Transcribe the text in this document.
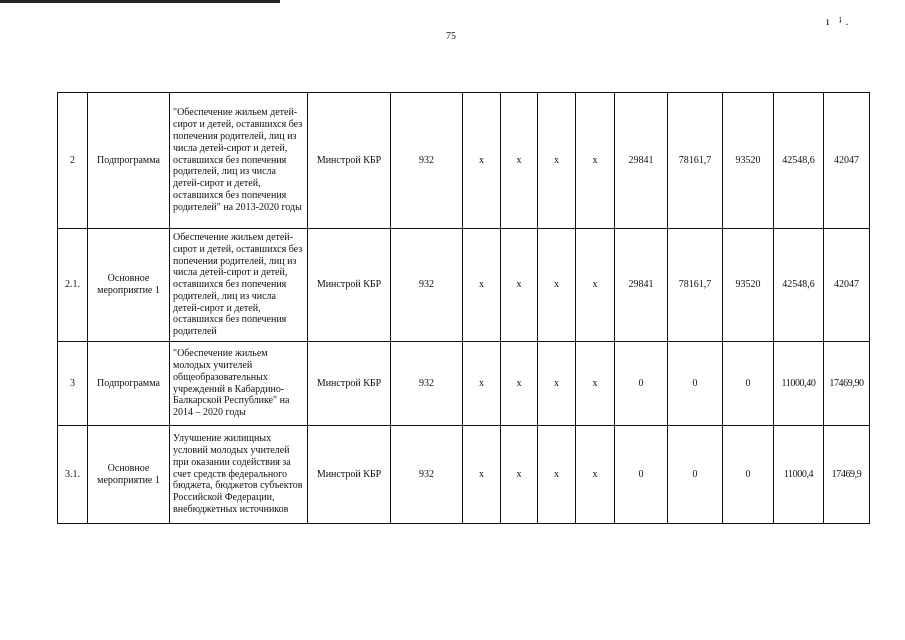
75
ı ꜟ.
2	Подпрограмма	"Обеспечение жильем детей-сирот и детей, оставшихся без попечения родителей, лиц из числа детей-сирот и детей, оставшихся без попечения родителей, лиц из числа детей-сирот и детей, оставшихся без попечения родителей" на 2013-2020 годы	Минстрой КБР	932	x	x	x	x	29841	78161,7	93520	42548,6	42047
2.1.	Основное мероприятие 1	Обеспечение жильем детей-сирот и детей, оставшихся без попечения родителей, лиц из числа детей-сирот и детей, оставшихся без попечения родителей, лиц из числа детей-сирот и детей, оставшихся без попечения родителей	Минстрой КБР	932	x	x	x	x	29841	78161,7	93520	42548,6	42047
3	Подпрограмма	"Обеспечение жильем молодых учителей общеобразовательных учреждений в Кабардино-Балкарской Республике" на 2014 – 2020 годы	Минстрой КБР	932	x	x	x	x	0	0	0	11000,40	17469,90
3.1.	Основное мероприятие 1	Улучшение жилищных условий молодых учителей при оказании содействия за счет средств федерального бюджета, бюджетов субъектов Российской Федерации, внебюджетных источников	Минстрой КБР	932	x	x	x	x	0	0	0	11000,4	17469,9
